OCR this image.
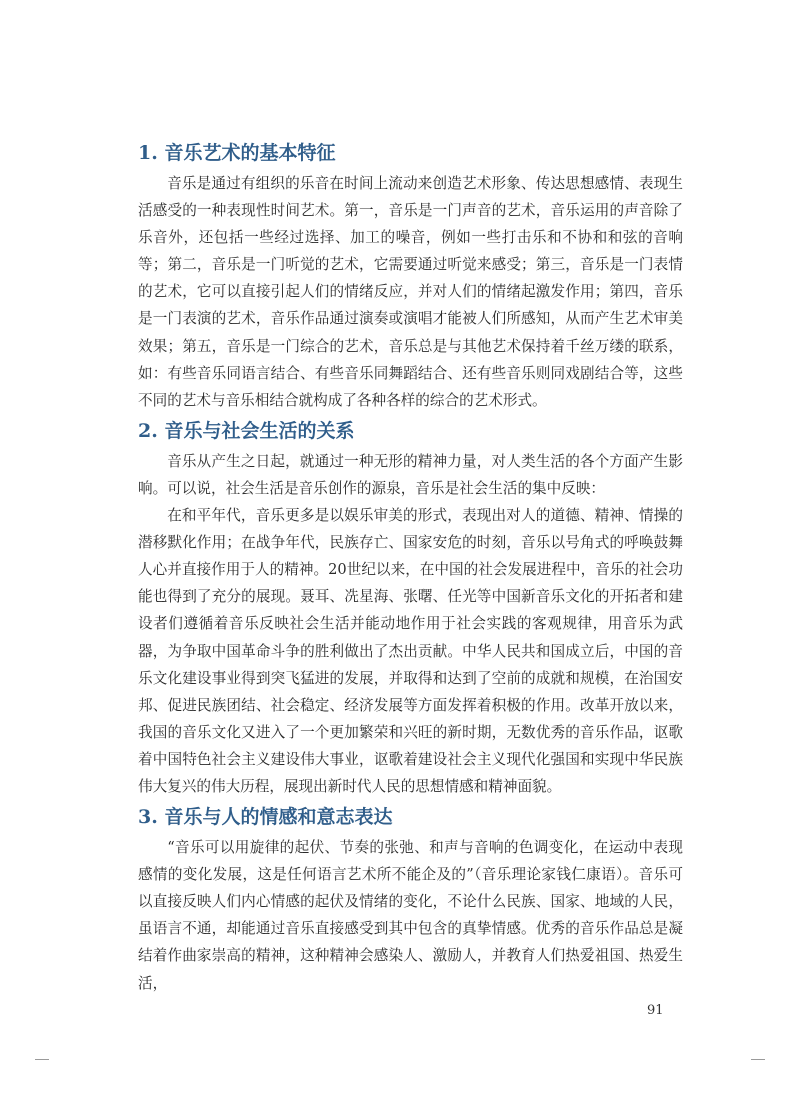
1. 音乐艺术的基本特征

音乐是通过有组织的乐音在时间上流动来创造艺术形象、传达思想感情、表现生活感受的一种表现性时间艺术。第一，音乐是一门声音的艺术，音乐运用的声音除了乐音外，还包括一些经过选择、加工的噪音，例如一些打击乐和不协和和弦的音响等；第二，音乐是一门听觉的艺术，它需要通过听觉来感受；第三，音乐是一门表情的艺术，它可以直接引起人们的情绪反应，并对人们的情绪起激发作用；第四，音乐是一门表演的艺术，音乐作品通过演奏或演唱才能被人们所感知，从而产生艺术审美效果；第五，音乐是一门综合的艺术，音乐总是与其他艺术保持着千丝万缕的联系，如：有些音乐同语言结合、有些音乐同舞蹈结合、还有些音乐则同戏剧结合等，这些不同的艺术与音乐相结合就构成了各种各样的综合的艺术形式。

2. 音乐与社会生活的关系

音乐从产生之日起，就通过一种无形的精神力量，对人类生活的各个方面产生影响。可以说，社会生活是音乐创作的源泉，音乐是社会生活的集中反映：

在和平年代，音乐更多是以娱乐审美的形式，表现出对人的道德、精神、情操的潜移默化作用；在战争年代，民族存亡、国家安危的时刻，音乐以号角式的呼唤鼓舞人心并直接作用于人的精神。20世纪以来，在中国的社会发展进程中，音乐的社会功能也得到了充分的展现。聂耳、冼星海、张曙、任光等中国新音乐文化的开拓者和建设者们遵循着音乐反映社会生活并能动地作用于社会实践的客观规律，用音乐为武器，为争取中国革命斗争的胜利做出了杰出贡献。中华人民共和国成立后，中国的音乐文化建设事业得到突飞猛进的发展，并取得和达到了空前的成就和规模，在治国安邦、促进民族团结、社会稳定、经济发展等方面发挥着积极的作用。改革开放以来，我国的音乐文化又进入了一个更加繁荣和兴旺的新时期，无数优秀的音乐作品，讴歌着中国特色社会主义建设伟大事业，讴歌着建设社会主义现代化强国和实现中华民族伟大复兴的伟大历程，展现出新时代人民的思想情感和精神面貌。

3. 音乐与人的情感和意志表达

“音乐可以用旋律的起伏、节奏的张弛、和声与音响的色调变化，在运动中表现感情的变化发展，这是任何语言艺术所不能企及的”（音乐理论家钱仁康语）。音乐可以直接反映人们内心情感的起伏及情绪的变化，不论什么民族、国家、地域的人民，虽语言不通，却能通过音乐直接感受到其中包含的真挚情感。优秀的音乐作品总是凝结着作曲家崇高的精神，这种精神会感染人、激励人，并教育人们热爱祖国、热爱生活，

91
